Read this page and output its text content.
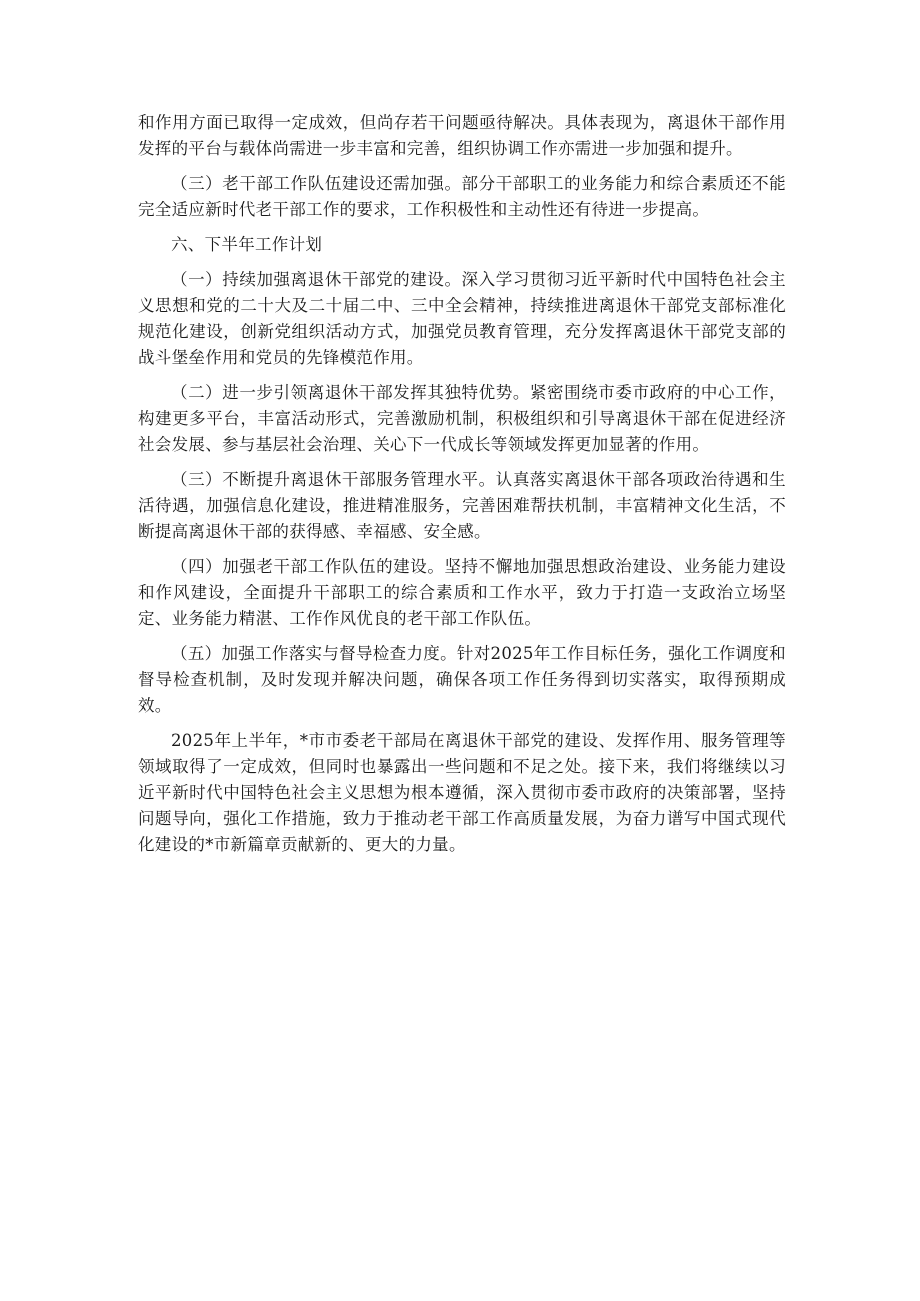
和作用方面已取得一定成效，但尚存若干问题亟待解决。具体表现为，离退休干部作用发挥的平台与载体尚需进一步丰富和完善，组织协调工作亦需进一步加强和提升。

（三）老干部工作队伍建设还需加强。部分干部职工的业务能力和综合素质还不能完全适应新时代老干部工作的要求，工作积极性和主动性还有待进一步提高。

六、下半年工作计划

（一）持续加强离退休干部党的建设。深入学习贯彻习近平新时代中国特色社会主义思想和党的二十大及二十届二中、三中全会精神，持续推进离退休干部党支部标准化规范化建设，创新党组织活动方式，加强党员教育管理，充分发挥离退休干部党支部的战斗堡垒作用和党员的先锋模范作用。

（二）进一步引领离退休干部发挥其独特优势。紧密围绕市委市政府的中心工作，构建更多平台，丰富活动形式，完善激励机制，积极组织和引导离退休干部在促进经济社会发展、参与基层社会治理、关心下一代成长等领域发挥更加显著的作用。

（三）不断提升离退休干部服务管理水平。认真落实离退休干部各项政治待遇和生活待遇，加强信息化建设，推进精准服务，完善困难帮扶机制，丰富精神文化生活，不断提高离退休干部的获得感、幸福感、安全感。

（四）加强老干部工作队伍的建设。坚持不懈地加强思想政治建设、业务能力建设和作风建设，全面提升干部职工的综合素质和工作水平，致力于打造一支政治立场坚定、业务能力精湛、工作作风优良的老干部工作队伍。

（五）加强工作落实与督导检查力度。针对2025年工作目标任务，强化工作调度和督导检查机制，及时发现并解决问题，确保各项工作任务得到切实落实，取得预期成效。

2025年上半年，*市市委老干部局在离退休干部党的建设、发挥作用、服务管理等领域取得了一定成效，但同时也暴露出一些问题和不足之处。接下来，我们将继续以习近平新时代中国特色社会主义思想为根本遵循，深入贯彻市委市政府的决策部署，坚持问题导向，强化工作措施，致力于推动老干部工作高质量发展，为奋力谱写中国式现代化建设的*市新篇章贡献新的、更大的力量。
